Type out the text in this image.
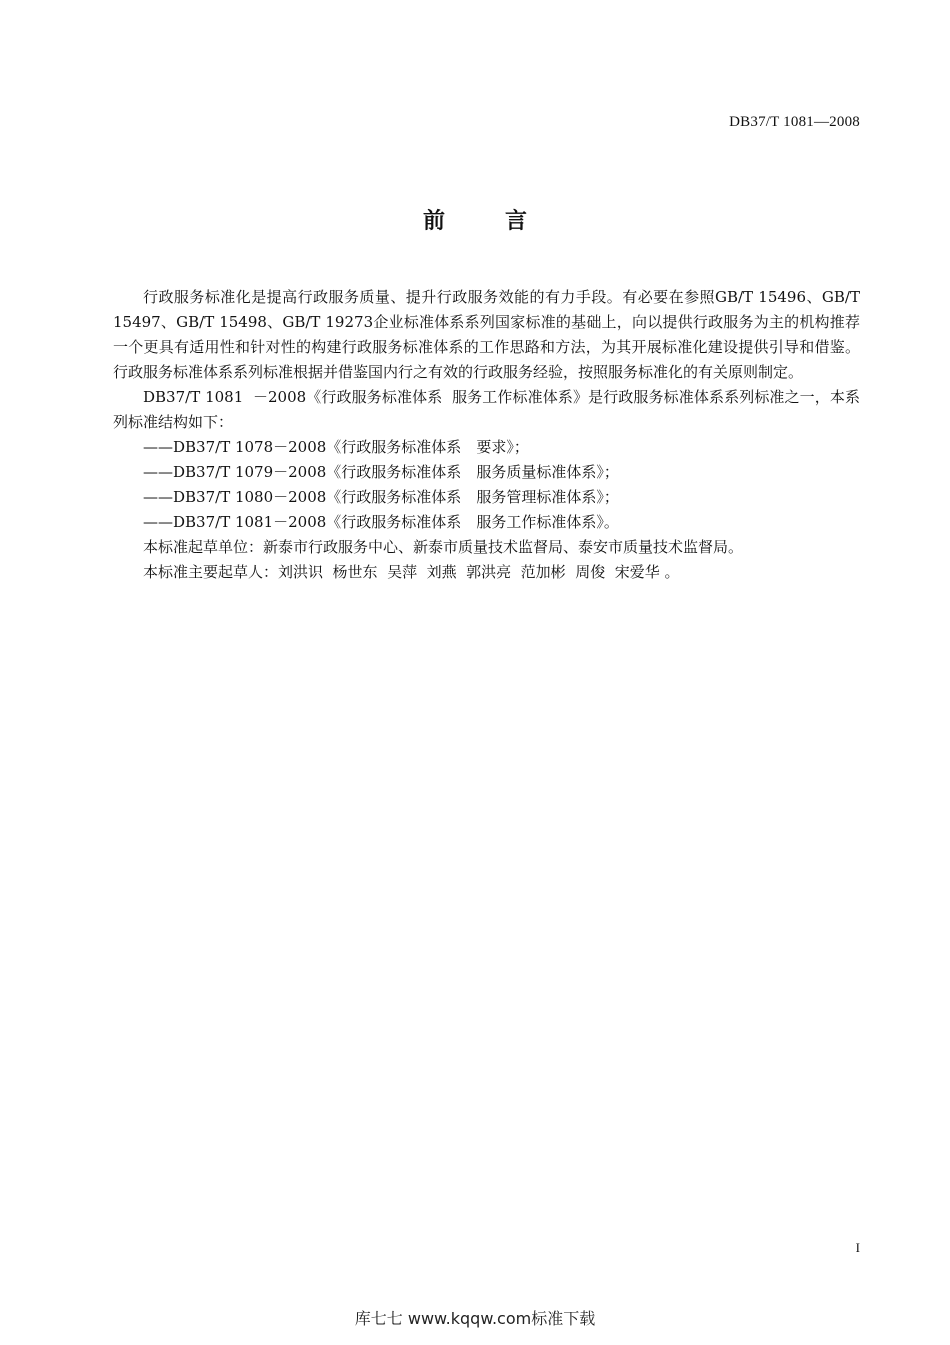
DB37/T 1081—2008
前言

行政服务标准化是提高行政服务质量、提升行政服务效能的有力手段。有必要在参照GB/T 15496、GB/T 15497、GB/T 15498、GB/T 19273企业标准体系系列国家标准的基础上，向以提供行政服务为主的机构推荐一个更具有适用性和针对性的构建行政服务标准体系的工作思路和方法，为其开展标准化建设提供引导和借鉴。行政服务标准体系系列标准根据并借鉴国内行之有效的行政服务经验，按照服务标准化的有关原则制定。

DB37/T 1081  －2008《行政服务标准体系  服务工作标准体系》是行政服务标准体系系列标准之一，本系列标准结构如下：

——DB37/T 1078－2008《行政服务标准体系 要求》；
——DB37/T 1079－2008《行政服务标准体系 服务质量标准体系》；
——DB37/T 1080－2008《行政服务标准体系 服务管理标准体系》；
——DB37/T 1081－2008《行政服务标准体系 服务工作标准体系》。

本标准起草单位：新泰市行政服务中心、新泰市质量技术监督局、泰安市质量技术监督局。

本标准主要起草人：刘洪识  杨世东  吴萍  刘燕  郭洪亮  范加彬  周俊  宋爱华 。

I
库七七 www.kqqw.com标准下载
